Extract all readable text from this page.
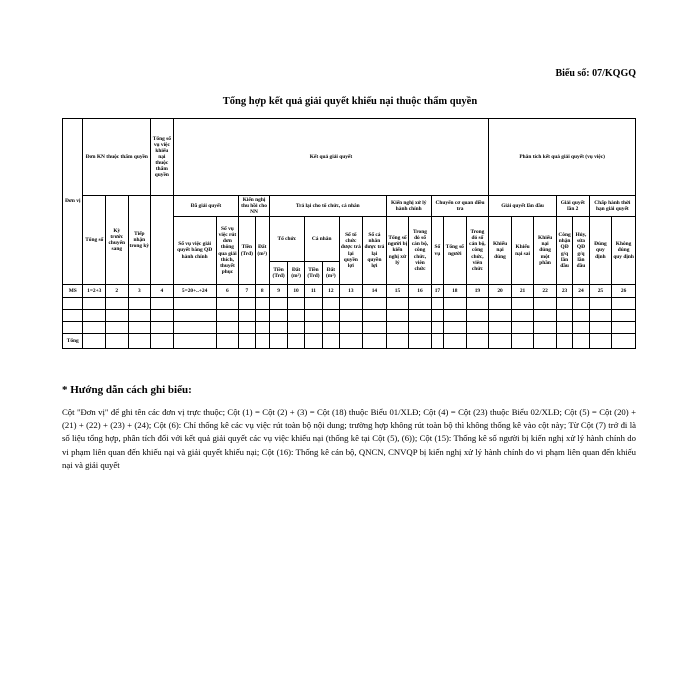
Biểu số: 07/KQGQ
Tổng hợp kết quả giải quyết khiếu nại thuộc thẩm quyền
Đơn vị	Đơn KN thuộc thẩm quyền			Tổng số vụ việc khiếu nại thuộc thẩm quyền	Kết quả giải quyết															Phân tích kết quả giải quyết (vụ việc)						
	Tổng số	Kỳ trước chuyển sang	Tiếp nhận trong kỳ		Đã giải quyết		Kiến nghị thu hồi cho NN		Trả lại cho tổ chức, cá nhân						Kiến nghị xử lý hành chính		Chuyển cơ quan điều tra			Giải quyết lần đầu			Giải quyết lần 2		Chấp hành thời hạn giải quyết	
					Số vụ việc giải quyết bằng QĐ hành chính	Số vụ việc rút đơn thông qua giải thích, thuyết phục	Tiền (Trđ)	Đất (m²)	Tổ chức		Cá nhân		Số tổ chức được trả lại quyền lợi	Số cá nhân được trả lại quyền lợi	Tổng số người bị kiến nghị xử lý	Trong đó số cán bộ, công chức, viên chức	Số vụ	Tổng số người	Trong đó số cán bộ, công chức, viên chức	Khiếu nại đúng	Khiếu nại sai	Khiếu nại đúng một phần	Công nhận QĐ g/q lần đầu	Hủy, sửa QĐ g/q lần đầu	Đúng quy định	Không đúng quy định
									Tiền (Trđ)	Đất (m²)	Tiền (Trđ)	Đất (m²)														
MS	1=2+3	2	3	4	5=20+..+24	6	7	8	9	10	11	12	13	14	15	16	17	18	19	20	21	22	23	24	25	26

Tổng																										
* Hướng dẫn cách ghi biểu:
Cột "Đơn vị" để ghi tên các đơn vị trực thuộc; Cột (1) = Cột (2) + (3) = Cột (18) thuộc Biểu 01/XLĐ; Cột (4) = Cột (23) thuộc Biểu 02/XLĐ; Cột (5) = Cột (20) + (21) + (22) + (23) + (24); Cột (6): Chỉ thống kê các vụ việc rút toàn bộ nội dung; trường hợp không rút toàn bộ thì không thống kê vào cột này; Từ Cột (7) trở đi là số liệu tổng hợp, phân tích đối với kết quả giải quyết các vụ việc khiếu nại (thống kê tại Cột (5), (6)); Cột (15): Thống kê số người bị kiến nghị xử lý hành chính do vi phạm liên quan đến khiếu nại và giải quyết khiếu nại; Cột (16): Thống kê cán bộ, QNCN, CNVQP bị kiến nghị xử lý hành chính do vi phạm liên quan đến khiếu nại và giải quyết
